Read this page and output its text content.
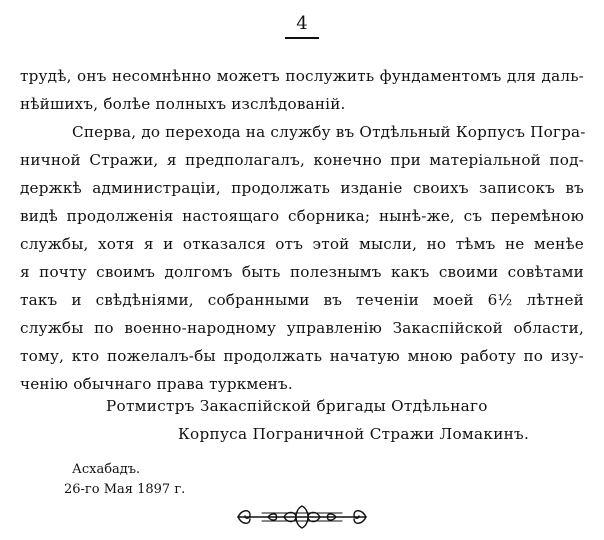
4
трудѣ, онъ несомнѣнно можетъ послужить фундаментомъ для даль-
нѣйшихъ, болѣе полныхъ изслѣдованій.
Сперва, до перехода на службу въ Отдѣльный Корпусъ Погра-
ничной Стражи, я предполагалъ, конечно при матеріальной под-
держкѣ администраціи, продолжать изданіе своихъ записокъ въ
видѣ продолженія настоящаго сборника; нынѣ-же, съ перемѣною
службы, хотя я и отказался отъ этой мысли, но тѣмъ не менѣе
я почту своимъ долгомъ быть полезнымъ какъ своими совѣтами
такъ и свѣдѣніями, собранными въ теченіи моей 6½ лѣтней
службы по военно-народному управленію Закаспійской области,
тому, кто пожелалъ-бы продолжать начатую мною работу по изу-
ченію обычнаго права туркменъ.
Ротмистръ Закаспійской бригады Отдѣльнаго
Корпуса Пограничной Стражи Ломакинъ.
Асхабадъ.
26-го Мая 1897 г.
